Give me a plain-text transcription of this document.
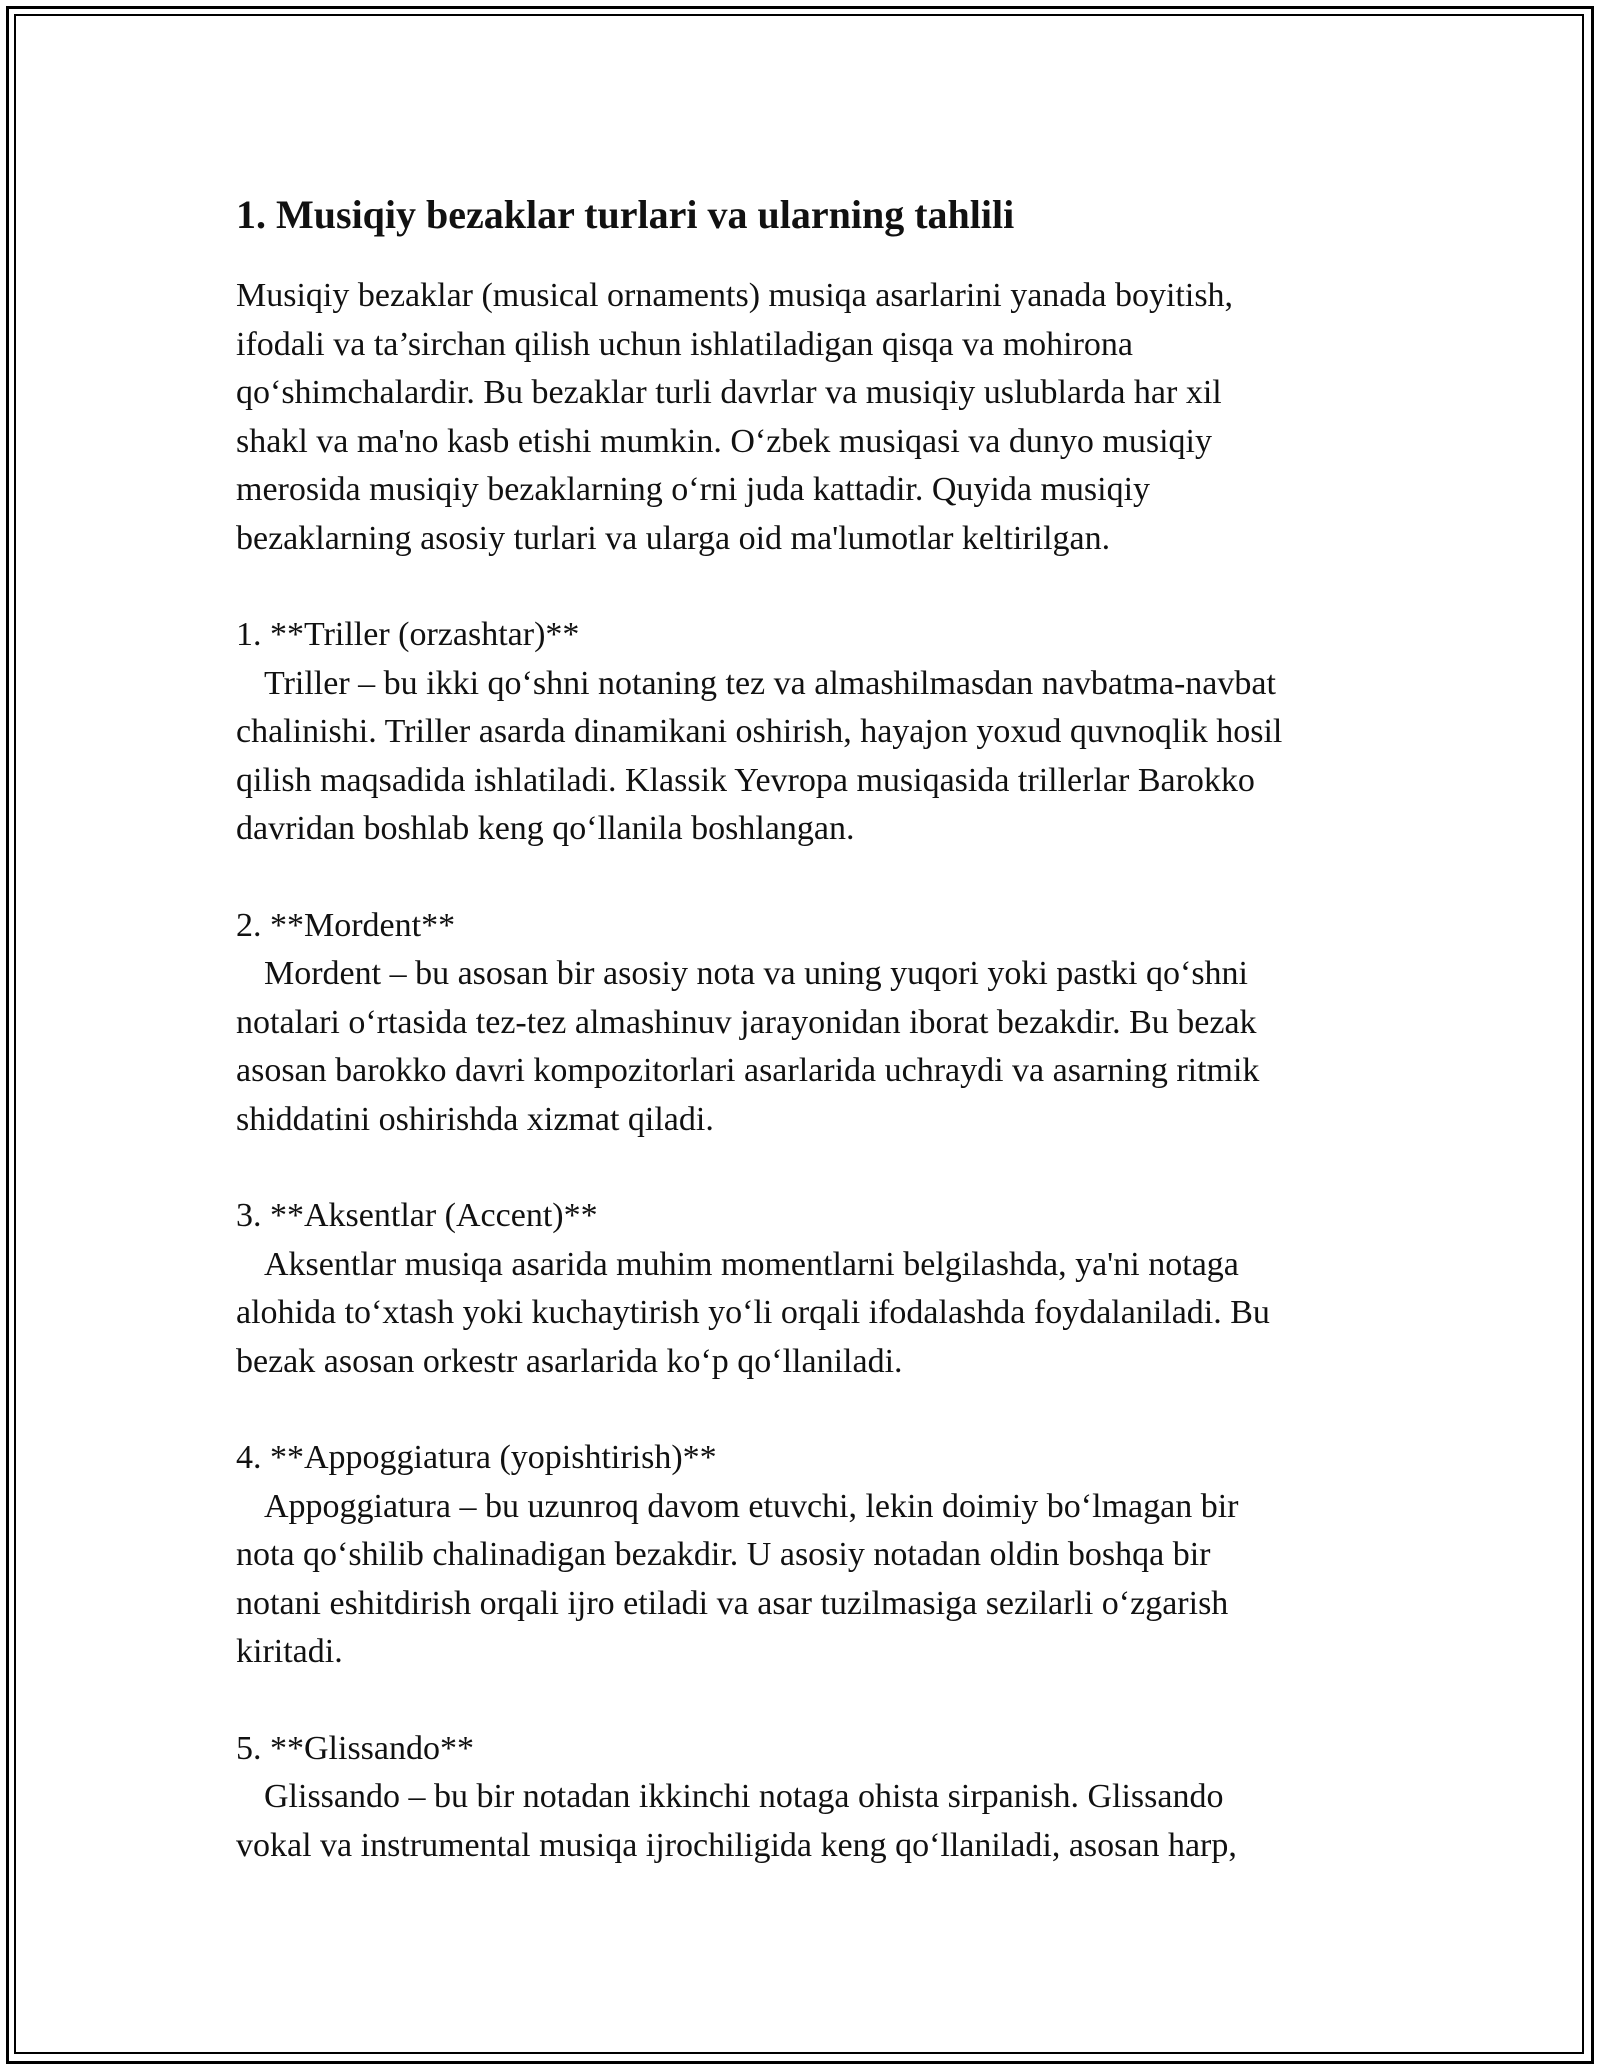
1. Musiqiy bezaklar turlari va ularning tahlili
Musiqiy bezaklar (musical ornaments) musiqa asarlarini yanada boyitish,
ifodali va ta’sirchan qilish uchun ishlatiladigan qisqa va mohirona
qo‘shimchalardir. Bu bezaklar turli davrlar va musiqiy uslublarda har xil
shakl va ma'no kasb etishi mumkin. O‘zbek musiqasi va dunyo musiqiy
merosida musiqiy bezaklarning o‘rni juda kattadir. Quyida musiqiy
bezaklarning asosiy turlari va ularga oid ma'lumotlar keltirilgan.
1. **Triller (orzashtar)**
Triller – bu ikki qo‘shni notaning tez va almashilmasdan navbatma-navbat
chalinishi. Triller asarda dinamikani oshirish, hayajon yoxud quvnoqlik hosil
qilish maqsadida ishlatiladi. Klassik Yevropa musiqasida trillerlar Barokko
davridan boshlab keng qo‘llanila boshlangan.
2. **Mordent**
Mordent – bu asosan bir asosiy nota va uning yuqori yoki pastki qo‘shni
notalari o‘rtasida tez-tez almashinuv jarayonidan iborat bezakdir. Bu bezak
asosan barokko davri kompozitorlari asarlarida uchraydi va asarning ritmik
shiddatini oshirishda xizmat qiladi.
3. **Aksentlar (Accent)**
Aksentlar musiqa asarida muhim momentlarni belgilashda, ya'ni notaga
alohida to‘xtash yoki kuchaytirish yo‘li orqali ifodalashda foydalaniladi. Bu
bezak asosan orkestr asarlarida ko‘p qo‘llaniladi.
4. **Appoggiatura (yopishtirish)**
Appoggiatura – bu uzunroq davom etuvchi, lekin doimiy bo‘lmagan bir
nota qo‘shilib chalinadigan bezakdir. U asosiy notadan oldin boshqa bir
notani eshitdirish orqali ijro etiladi va asar tuzilmasiga sezilarli o‘zgarish
kiritadi.
5. **Glissando**
Glissando – bu bir notadan ikkinchi notaga ohista sirpanish. Glissando
vokal va instrumental musiqa ijrochiligida keng qo‘llaniladi, asosan harp,
